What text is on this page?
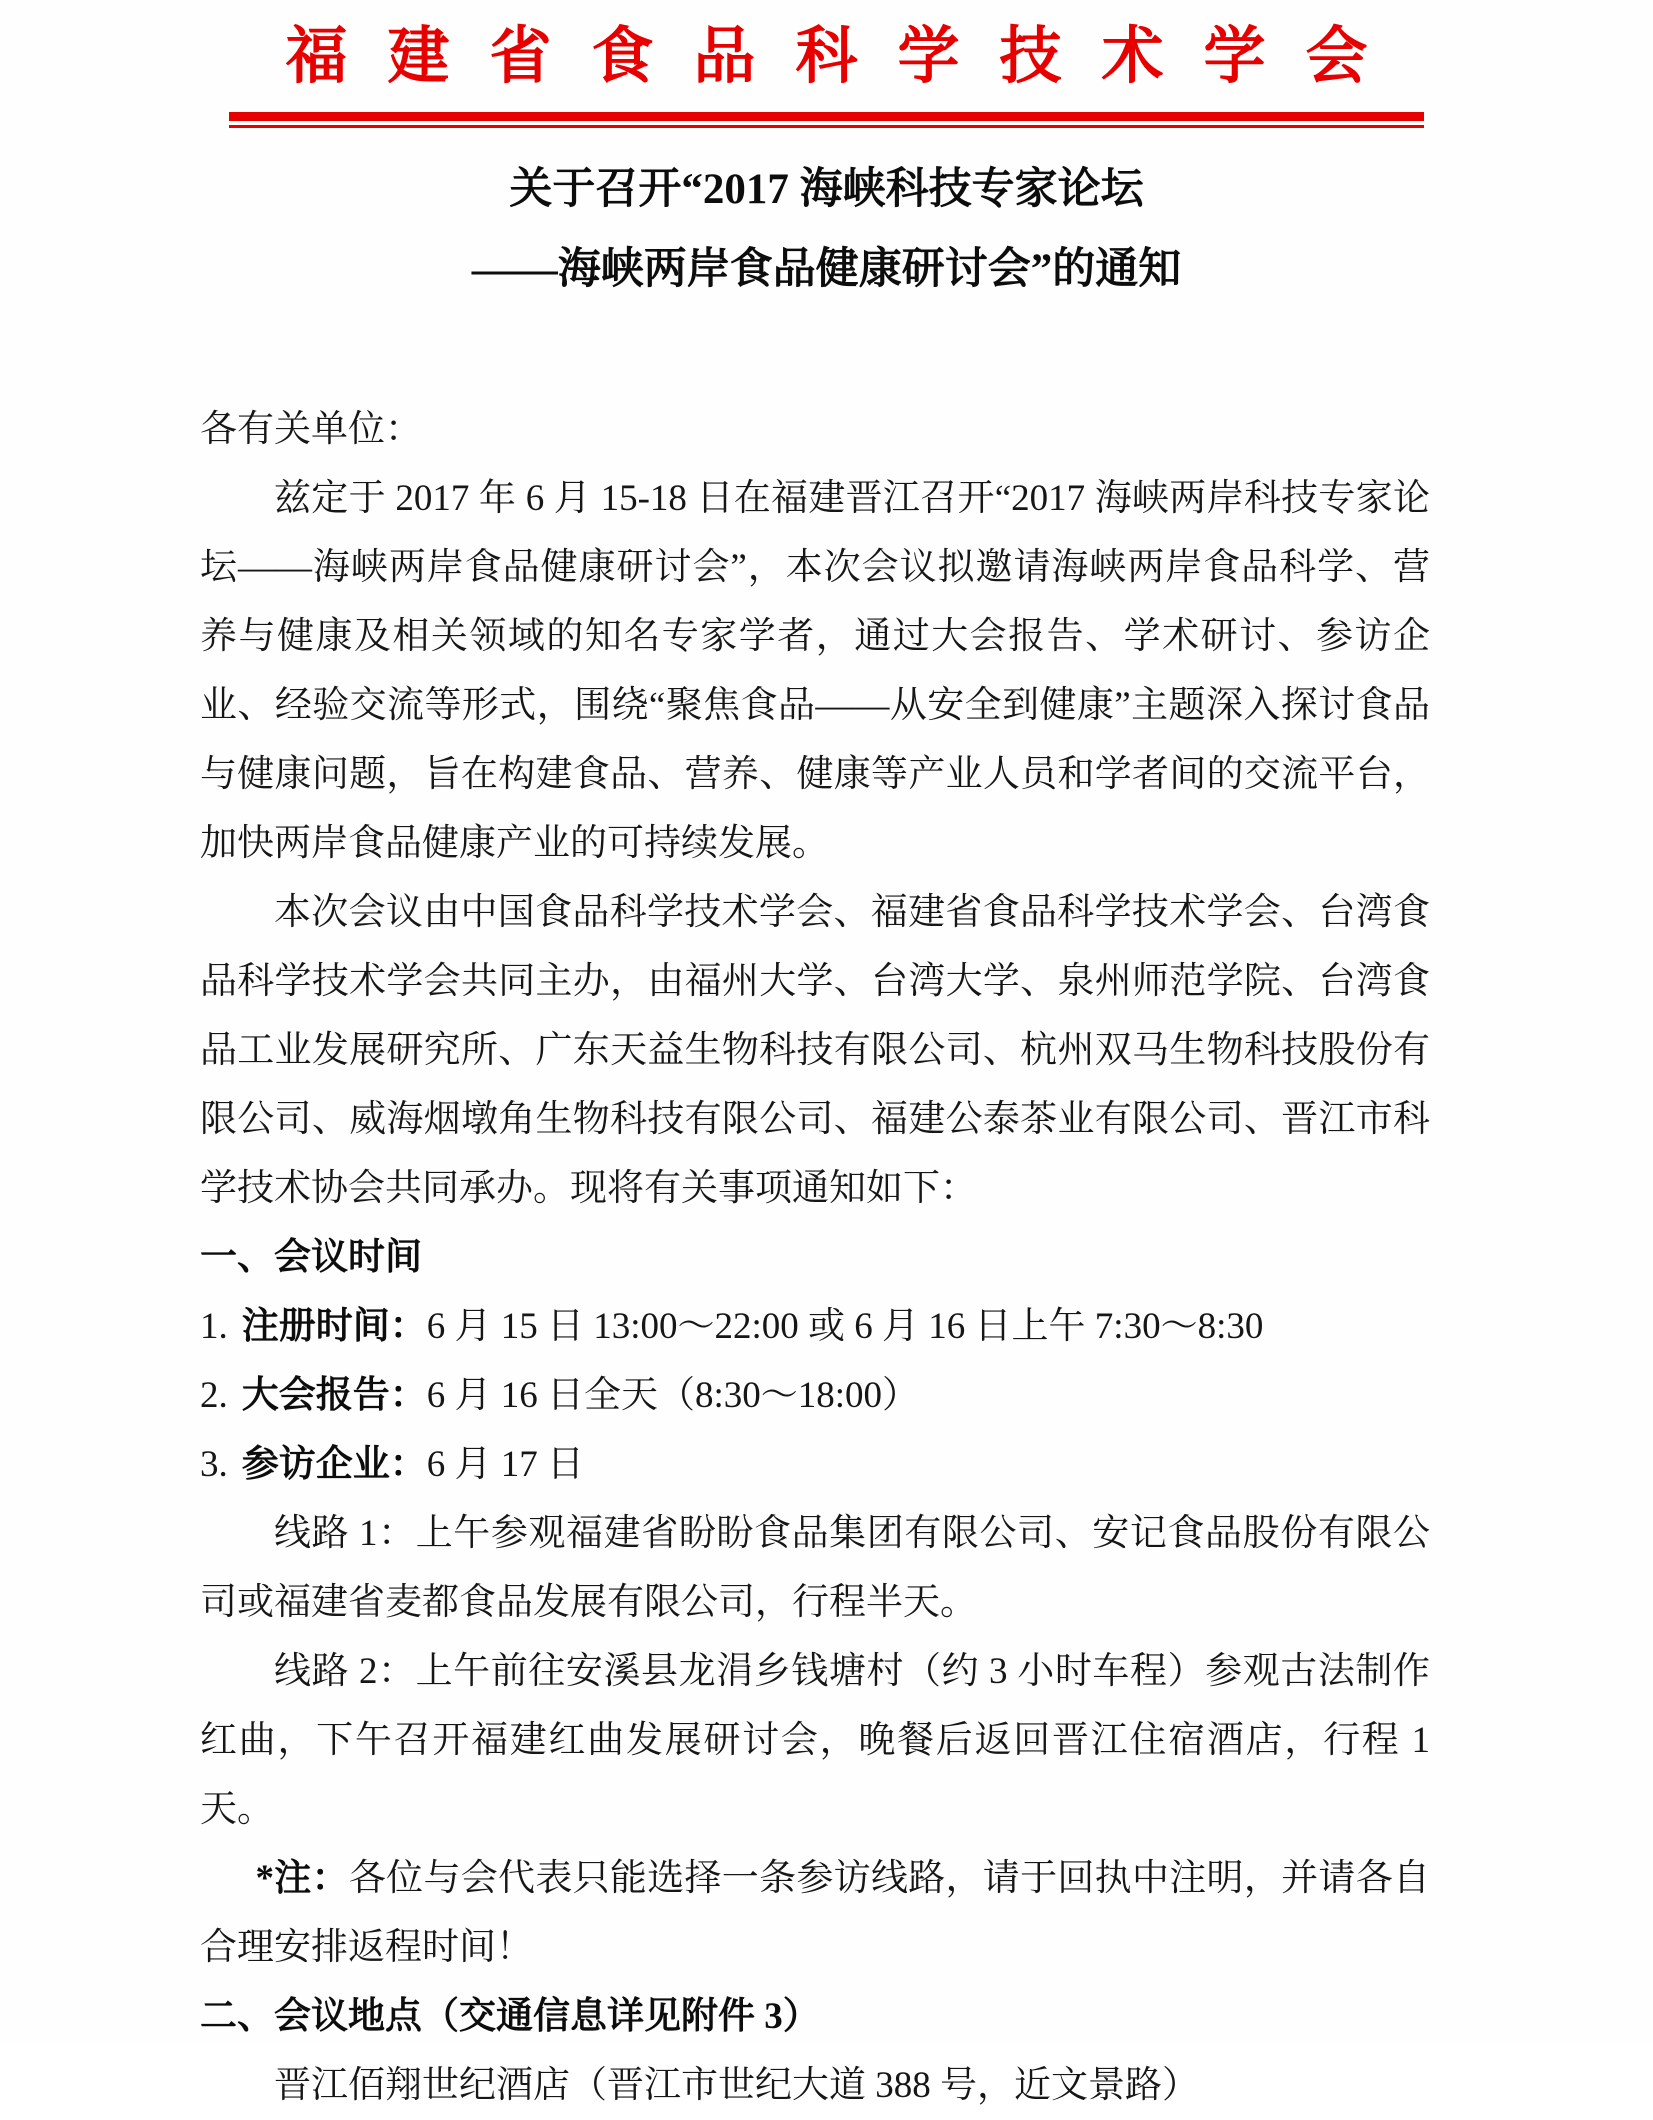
福建省食品科学技术学会
关于召开“2017 海峡科技专家论坛
——海峡两岸食品健康研讨会”的通知

各有关单位：

兹定于 2017 年 6 月 15-18 日在福建晋江召开“2017 海峡两岸科技专家论坛——海峡两岸食品健康研讨会”，本次会议拟邀请海峡两岸食品科学、营养与健康及相关领域的知名专家学者，通过大会报告、学术研讨、参访企业、经验交流等形式，围绕“聚焦食品——从安全到健康”主题深入探讨食品与健康问题，旨在构建食品、营养、健康等产业人员和学者间的交流平台，加快两岸食品健康产业的可持续发展。

本次会议由中国食品科学技术学会、福建省食品科学技术学会、台湾食品科学技术学会共同主办，由福州大学、台湾大学、泉州师范学院、台湾食品工业发展研究所、广东天益生物科技有限公司、杭州双马生物科技股份有限公司、威海烟墩角生物科技有限公司、福建公泰茶业有限公司、晋江市科学技术协会共同承办。现将有关事项通知如下：

一、会议时间

1. 注册时间：6 月 15 日 13:00～22:00 或 6 月 16 日上午 7:30～8:30

2. 大会报告：6 月 16 日全天（8:30～18:00）

3. 参访企业：6 月 17 日

线路 1：上午参观福建省盼盼食品集团有限公司、安记食品股份有限公司或福建省麦都食品发展有限公司，行程半天。

线路 2：上午前往安溪县龙涓乡钱塘村（约 3 小时车程）参观古法制作红曲，下午召开福建红曲发展研讨会，晚餐后返回晋江住宿酒店，行程 1 天。

*注：各位与会代表只能选择一条参访线路，请于回执中注明，并请各自合理安排返程时间！

二、会议地点（交通信息详见附件 3）

晋江佰翔世纪酒店（晋江市世纪大道 388 号，近文景路）
